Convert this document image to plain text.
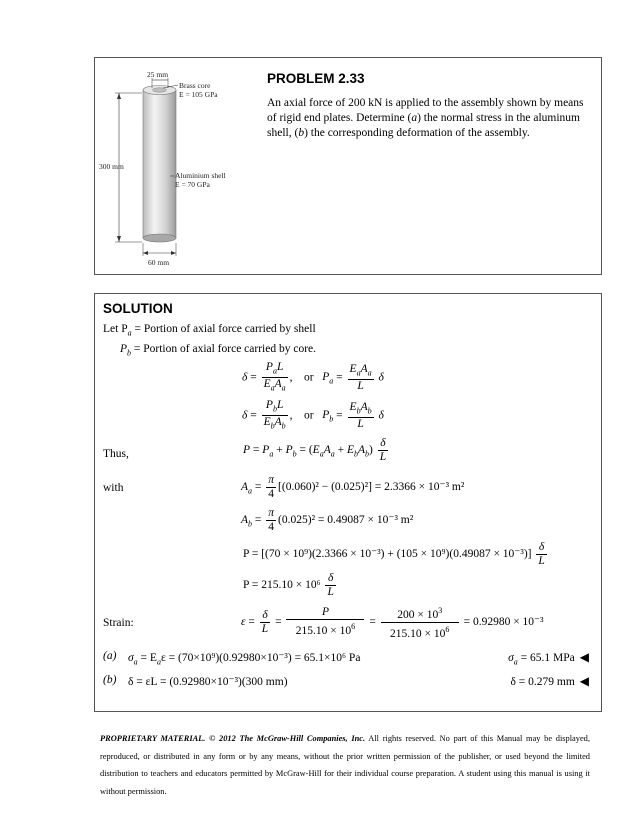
25 mm
Brass core
E = 105 GPa
300 mm
Aluminium shell
E = 70 GPa
60 mm
PROBLEM 2.33
An axial force of 200 kN is applied to the assembly shown by means of rigid end plates. Determine (a) the normal stress in the aluminum shell, (b) the corresponding deformation of the assembly.
SOLUTION
Let $P_a$ = Portion of axial force carried by shell
$P_b$ = Portion of axial force carried by core.
$\delta = \frac{P_aL}{E_aA_a}$ ,    or   $P_a = \frac{E_aA_a}{L}$ δ
$\delta = \frac{P_bL}{E_bA_b}$ ,    or   $P_b = \frac{E_bA_b}{L}$ δ
Thus,	$P = P_a + P_b = (E_aA_a + E_bA_b) \frac{\delta}{L}$
with	$A_a = \frac{\pi}{4} [(0.060)^2 - (0.025)^2] = 2.3366 \times 10^{-3}$ m²
$A_b = \frac{\pi}{4} (0.025)^2 = 0.49087 \times 10^{-3}$ m²
$P = [(70 \times 10^9)(2.3366 \times 10^{-3}) + (105 \times 10^9)(0.49087 \times 10^{-3})] \frac{\delta}{L}$
$P = 215.10 \times 10^6 \frac{\delta}{L}$
Strain:	$\varepsilon = \frac{\delta}{L} = \frac{P}{215.10 \times 10^6} = \frac{200 \times 10^3}{215.10 \times 10^6} = 0.92980 \times 10^{-3}$
(a) $\sigma_a = E_a\varepsilon = (70\times 10^9)(0.92980\times 10^{-3}) = 65.1\times 10^6$ Pa	$\sigma_a = 65.1$ MPa ◀
(b) δ = εL = (0.92980×10⁻³)(300 mm)	δ = 0.279 mm ◀
PROPRIETARY MATERIAL. © 2012 The McGraw-Hill Companies, Inc. All rights reserved. No part of this Manual may be displayed, reproduced, or distributed in any form or by any means, without the prior written permission of the publisher, or used beyond the limited distribution to teachers and educators permitted by McGraw-Hill for their individual course preparation. A student using this manual is using it without permission.
